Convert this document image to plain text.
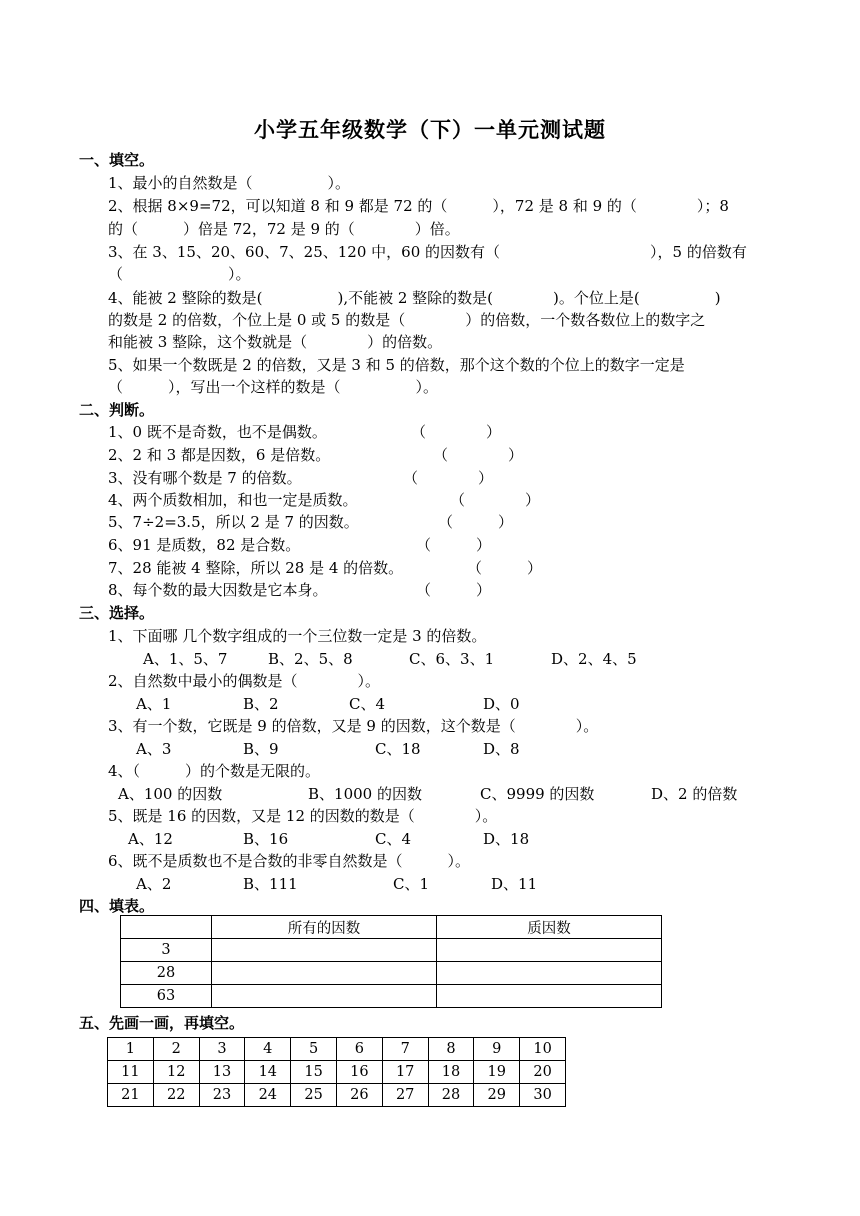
小学五年级数学（下）一单元测试题
一、填空。
1、最小的自然数是（　　　　　）。
2、根据 8×9=72，可以知道 8 和 9 都是 72 的（　　　），72 是 8 和 9 的（　　　　）；8
的（　　　）倍是 72，72 是 9 的（　　　　）倍。
3、在 3、15、20、60、7、25、120 中，60 的因数有（　　　　　　　　　　），5 的倍数有
（　　　　　　　）。
4、能被 2 整除的数是(　　　　　),不能被 2 整除的数是(　　　　)。个位上是(　　　　　)
的数是 2 的倍数，个位上是 0 或 5 的数是（　　　　）的倍数，一个数各数位上的数字之
和能被 3 整除，这个数就是（　　　　）的倍数。
5、如果一个数既是 2 的倍数，又是 3 和 5 的倍数，那个这个数的个位上的数字一定是
（　　　），写出一个这样的数是（　　　　　）。
二、判断。
1、0 既不是奇数，也不是偶数。	（　　　　）
2、2 和 3 都是因数，6 是倍数。	（　　　　）
3、没有哪个数是 7 的倍数。	（　　　　）
4、两个质数相加，和也一定是质数。	（　　　　）
5、7÷2=3.5，所以 2 是 7 的因数。	（　　　）
6、91 是质数，82 是合数。	（　　　）
7、28 能被 4 整除，所以 28 是 4 的倍数。	（　　　）
8、每个数的最大因数是它本身。	（　　　）
三、选择。
1、下面哪 几个数字组成的一个三位数一定是 3 的倍数。
A、1、5、7	B、2、5、8	C、6、3、1	D、2、4、5
2、自然数中最小的偶数是（　　　　）。
A、1	B、2	C、4	D、0
3、有一个数，它既是 9 的倍数，又是 9 的因数，这个数是（　　　　）。
A、3	B、9	C、18	D、8
4、（　　　）的个数是无限的。
A、100 的因数	B、1000 的因数	C、9999 的因数	D、2 的倍数
5、既是 16 的因数，又是 12 的因数的数是（　　　　）。
A、12	B、16	C、4	D、18
6、既不是质数也不是合数的非零自然数是（　　　）。
A、2	B、111	C、1	D、11
四、填表。
	所有的因数	质因数
3		
28		
63		
五、先画一画，再填空。
1	2	3	4	5	6	7	8	9	10
11	12	13	14	15	16	17	18	19	20
21	22	23	24	25	26	27	28	29	30
